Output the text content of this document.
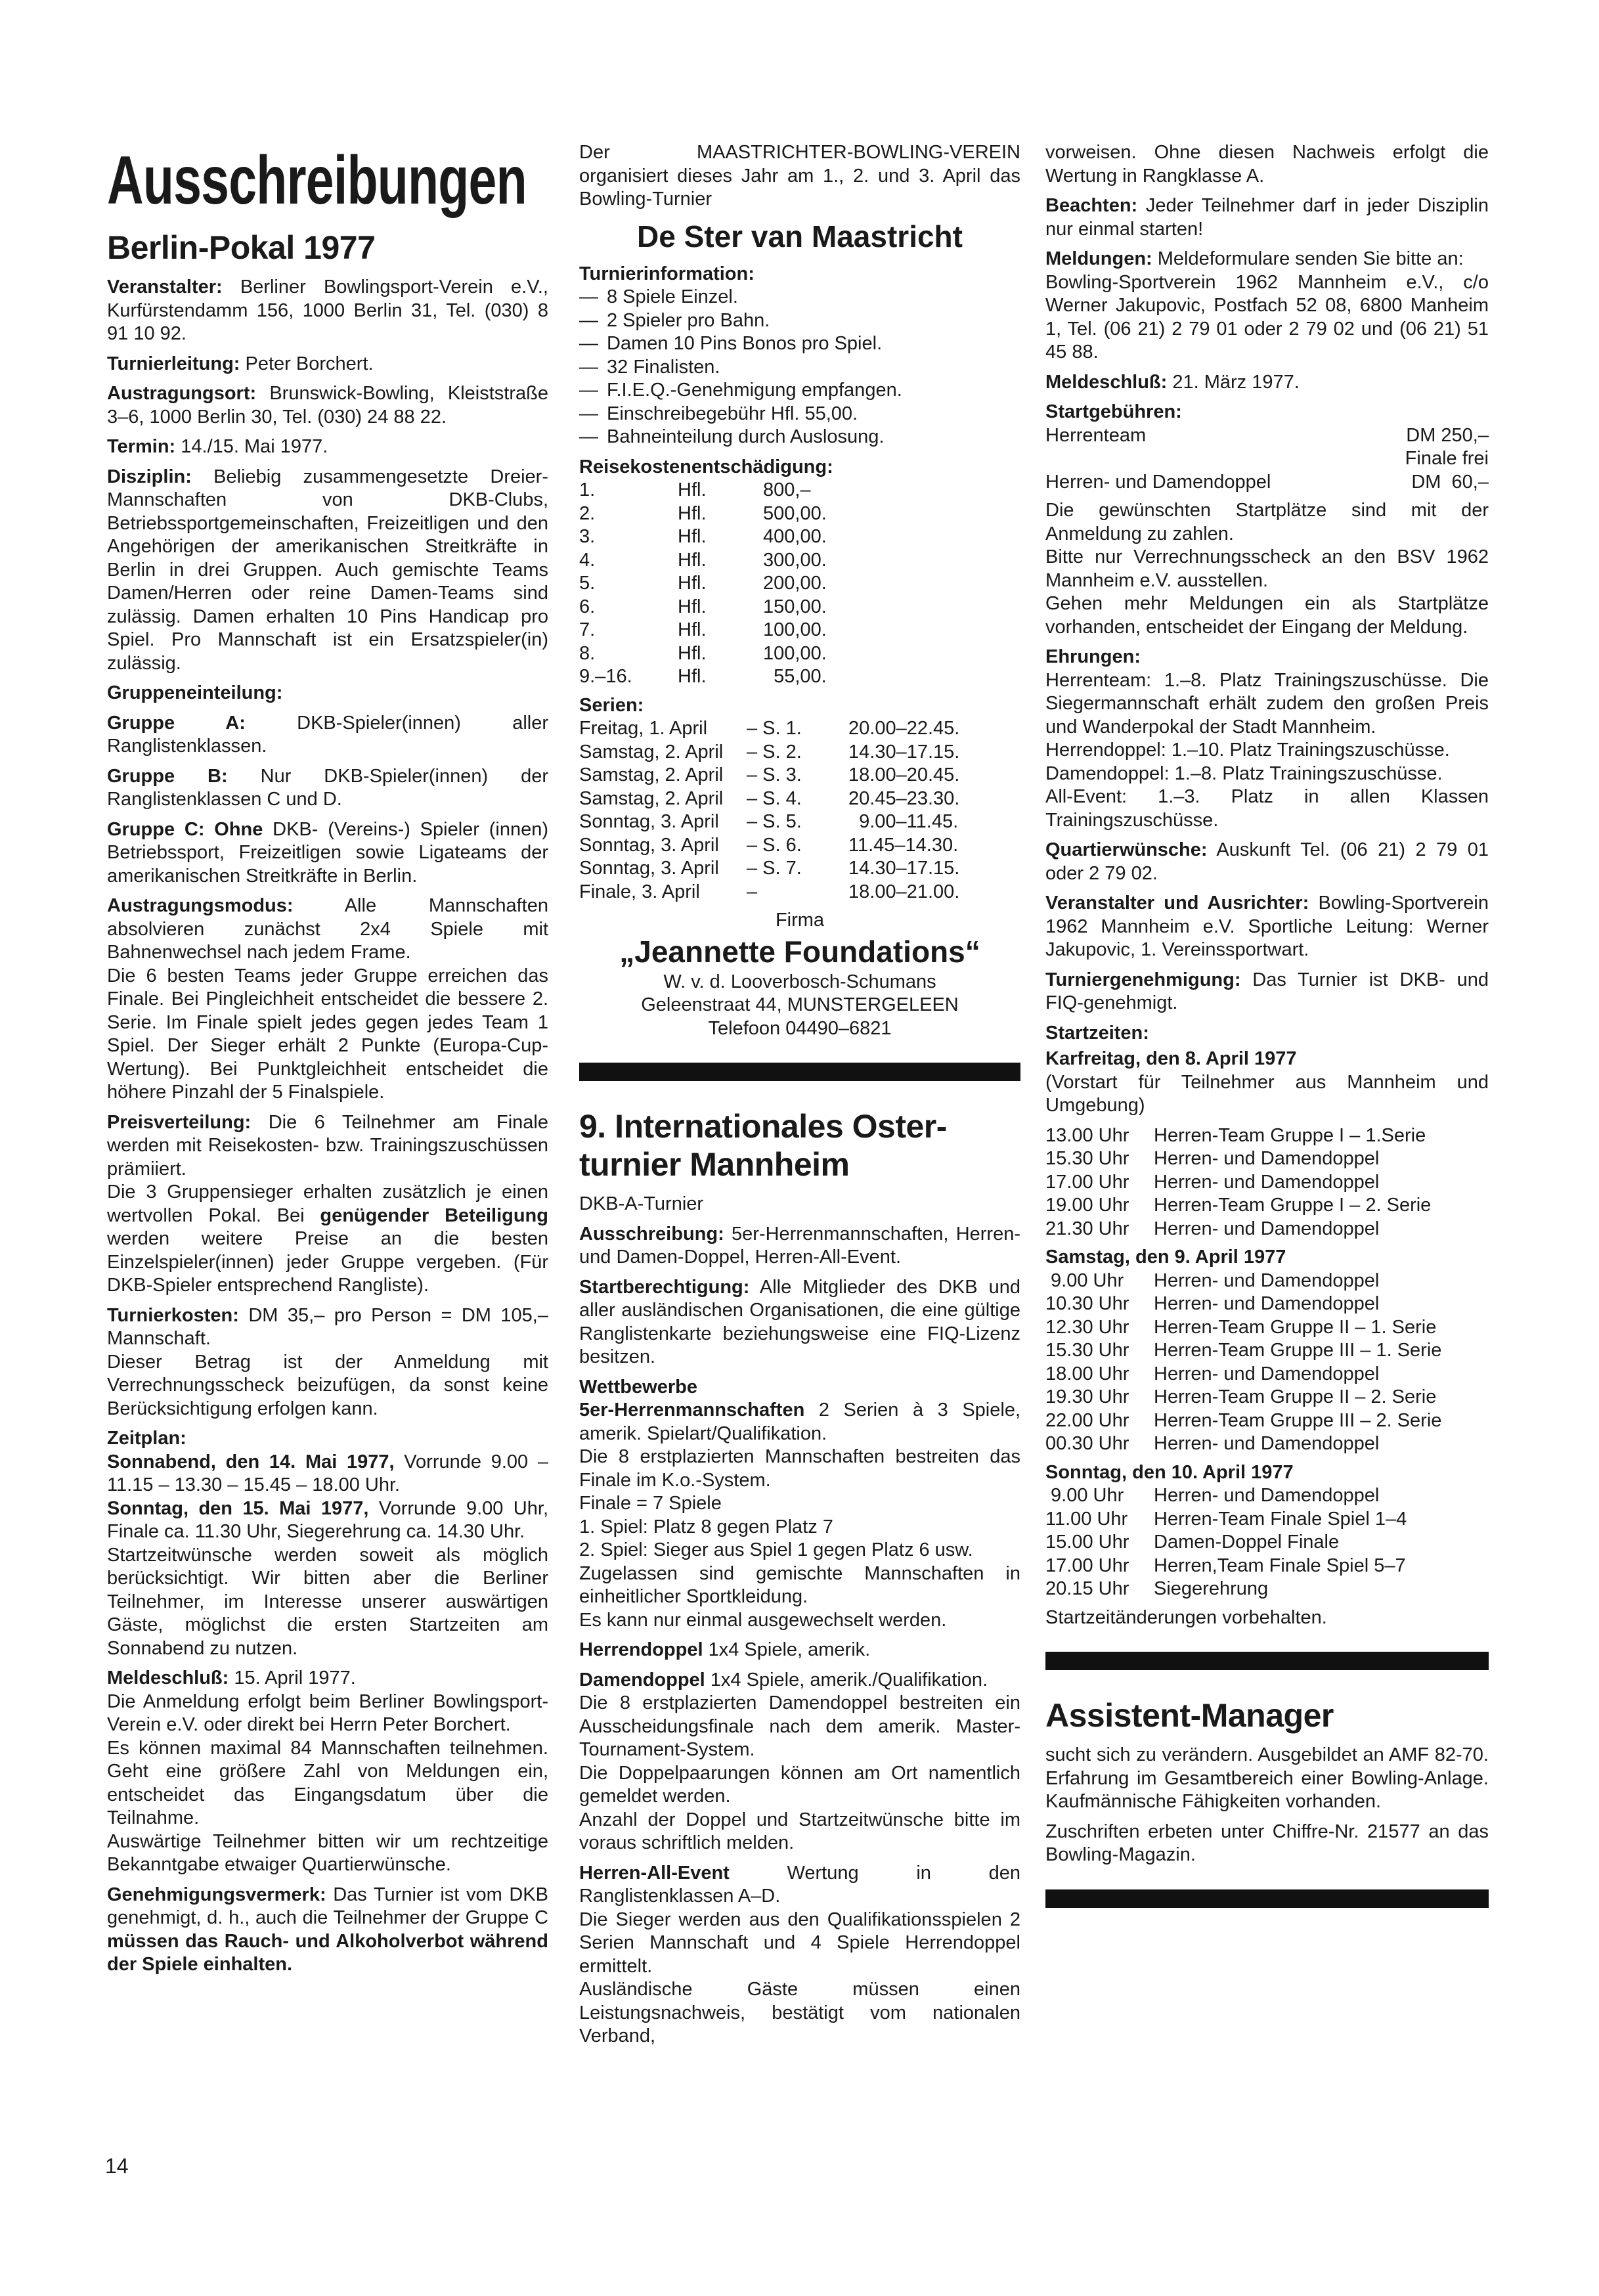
Ausschreibungen
Berlin-Pokal 1977
Veranstalter: Berliner Bowlingsport-Verein e.V., Kurfürstendamm 156, 1000 Berlin 31, Tel. (030) 8 91 10 92.
Turnierleitung: Peter Borchert.
Austragungsort: Brunswick-Bowling, Kleiststraße 3–6, 1000 Berlin 30, Tel. (030) 24 88 22.
Termin: 14./15. Mai 1977.
Disziplin: Beliebig zusammengesetzte Dreier-Mannschaften von DKB-Clubs, Betriebssportgemeinschaften, Freizeitligen und den Angehörigen der amerikanischen Streitkräfte in Berlin in drei Gruppen. Auch gemischte Teams Damen/Herren oder reine Damen-Teams sind zulässig. Damen erhalten 10 Pins Handicap pro Spiel. Pro Mannschaft ist ein Ersatzspieler(in) zulässig.
Gruppeneinteilung:
Gruppe A: DKB-Spieler(innen) aller Ranglistenklassen.
Gruppe B: Nur DKB-Spieler(innen) der Ranglistenklassen C und D.
Gruppe C: Ohne DKB- (Vereins-) Spieler (innen) Betriebssport, Freizeitligen sowie Ligateams der amerikanischen Streitkräfte in Berlin.
Austragungsmodus: Alle Mannschaften absolvieren zunächst 2x4 Spiele mit Bahnenwechsel nach jedem Frame.
Die 6 besten Teams jeder Gruppe erreichen das Finale. Bei Pingleichheit entscheidet die bessere 2. Serie. Im Finale spielt jedes gegen jedes Team 1 Spiel. Der Sieger erhält 2 Punkte (Europa-Cup-Wertung). Bei Punktgleichheit entscheidet die höhere Pinzahl der 5 Finalspiele.
Preisverteilung: Die 6 Teilnehmer am Finale werden mit Reisekosten- bzw. Trainingszuschüssen prämiiert.
Die 3 Gruppensieger erhalten zusätzlich je einen wertvollen Pokal. Bei genügender Beteiligung werden weitere Preise an die besten Einzelspieler(innen) jeder Gruppe vergeben. (Für DKB-Spieler entsprechend Rangliste).
Turnierkosten: DM 35,– pro Person = DM 105,– Mannschaft.
Dieser Betrag ist der Anmeldung mit Verrechnungsscheck beizufügen, da sonst keine Berücksichtigung erfolgen kann.
Zeitplan:
Sonnabend, den 14. Mai 1977, Vorrunde 9.00 – 11.15 – 13.30 – 15.45 – 18.00 Uhr.
Sonntag, den 15. Mai 1977, Vorrunde 9.00 Uhr, Finale ca. 11.30 Uhr, Siegerehrung ca. 14.30 Uhr.
Startzeitwünsche werden soweit als möglich berücksichtigt. Wir bitten aber die Berliner Teilnehmer, im Interesse unserer auswärtigen Gäste, möglichst die ersten Startzeiten am Sonnabend zu nutzen.
Meldeschluß: 15. April 1977.
Die Anmeldung erfolgt beim Berliner Bowlingsport-Verein e.V. oder direkt bei Herrn Peter Borchert.
Es können maximal 84 Mannschaften teilnehmen. Geht eine größere Zahl von Meldungen ein, entscheidet das Eingangsdatum über die Teilnahme.
Auswärtige Teilnehmer bitten wir um rechtzeitige Bekanntgabe etwaiger Quartierwünsche.
Genehmigungsvermerk: Das Turnier ist vom DKB genehmigt, d. h., auch die Teilnehmer der Gruppe C müssen das Rauch- und Alkoholverbot während der Spiele einhalten.
Der MAASTRICHTER-BOWLING-VEREIN organisiert dieses Jahr am 1., 2. und 3. April das Bowling-Turnier
De Ster van Maastricht
Turnierinformation:
— 8 Spiele Einzel.
— 2 Spieler pro Bahn.
— Damen 10 Pins Bonos pro Spiel.
— 32 Finalisten.
— F.I.E.Q.-Genehmigung empfangen.
— Einschreibegebühr Hfl. 55,00.
— Bahneinteilung durch Auslosung.
Reisekostenentschädigung:
1.	Hfl.	800,–
2.	Hfl.	500,00.
3.	Hfl.	400,00.
4.	Hfl.	300,00.
5.	Hfl.	200,00.
6.	Hfl.	150,00.
7.	Hfl.	100,00.
8.	Hfl.	100,00.
9.–16.	Hfl.	55,00.
Serien:
Freitag, 1. April	– S. 1.	20.00–22.45.
Samstag, 2. April	– S. 2.	14.30–17.15.
Samstag, 2. April	– S. 3.	18.00–20.45.
Samstag, 2. April	– S. 4.	20.45–23.30.
Sonntag, 3. April	– S. 5.	9.00–11.45.
Sonntag, 3. April	– S. 6.	11.45–14.30.
Sonntag, 3. April	– S. 7.	14.30–17.15.
Finale, 3. April	–	18.00–21.00.
Firma
„Jeannette Foundations“
W. v. d. Looverbosch-Schumans
Geleenstraat 44, MUNSTERGELEEN
Telefoon 04490–6821
9. Internationales Oster-
turnier Mannheim
DKB-A-Turnier
Ausschreibung: 5er-Herrenmannschaften, Herren- und Damen-Doppel, Herren-All-Event.
Startberechtigung: Alle Mitglieder des DKB und aller ausländischen Organisationen, die eine gültige Ranglistenkarte beziehungsweise eine FIQ-Lizenz besitzen.
Wettbewerbe
5er-Herrenmannschaften 2 Serien à 3 Spiele, amerik. Spielart/Qualifikation.
Die 8 erstplazierten Mannschaften bestreiten das Finale im K.o.-System.
Finale = 7 Spiele
1. Spiel: Platz 8 gegen Platz 7
2. Spiel: Sieger aus Spiel 1 gegen Platz 6 usw.
Zugelassen sind gemischte Mannschaften in einheitlicher Sportkleidung.
Es kann nur einmal ausgewechselt werden.
Herrendoppel 1x4 Spiele, amerik.
Damendoppel 1x4 Spiele, amerik./Qualifikation.
Die 8 erstplazierten Damendoppel bestreiten ein Ausscheidungsfinale nach dem amerik. Master-Tournament-System.
Die Doppelpaarungen können am Ort namentlich gemeldet werden.
Anzahl der Doppel und Startzeitwünsche bitte im voraus schriftlich melden.
Herren-All-Event Wertung in den Ranglistenklassen A–D.
Die Sieger werden aus den Qualifikationsspielen 2 Serien Mannschaft und 4 Spiele Herrendoppel ermittelt.
Ausländische Gäste müssen einen Leistungsnachweis, bestätigt vom nationalen Verband,
vorweisen. Ohne diesen Nachweis erfolgt die Wertung in Rangklasse A.
Beachten: Jeder Teilnehmer darf in jeder Disziplin nur einmal starten!
Meldungen: Meldeformulare senden Sie bitte an:
Bowling-Sportverein 1962 Mannheim e.V., c/o Werner Jakupovic, Postfach 52 08, 6800 Manheim 1, Tel. (06 21) 2 79 01 oder 2 79 02 und (06 21) 51 45 88.
Meldeschluß: 21. März 1977.
Startgebühren:
Herrenteam	DM 250,–
Finale frei
Herren- und Damendoppel	DM  60,–
Die gewünschten Startplätze sind mit der Anmeldung zu zahlen.
Bitte nur Verrechnungsscheck an den BSV 1962 Mannheim e.V. ausstellen.
Gehen mehr Meldungen ein als Startplätze vorhanden, entscheidet der Eingang der Meldung.
Ehrungen:
Herrenteam: 1.–8. Platz Trainingszuschüsse. Die Siegermannschaft erhält zudem den großen Preis und Wanderpokal der Stadt Mannheim.
Herrendoppel: 1.–10. Platz Trainingszuschüsse.
Damendoppel: 1.–8. Platz Trainingszuschüsse.
All-Event: 1.–3. Platz in allen Klassen Trainingszuschüsse.
Quartierwünsche: Auskunft Tel. (06 21) 2 79 01 oder 2 79 02.
Veranstalter und Ausrichter: Bowling-Sportverein 1962 Mannheim e.V. Sportliche Leitung: Werner Jakupovic, 1. Vereinssportwart.
Turniergenehmigung: Das Turnier ist DKB- und FIQ-genehmigt.
Startzeiten:
Karfreitag, den 8. April 1977
(Vorstart für Teilnehmer aus Mannheim und Umgebung)
13.00 Uhr	Herren-Team Gruppe I – 1.Serie
15.30 Uhr	Herren- und Damendoppel
17.00 Uhr	Herren- und Damendoppel
19.00 Uhr	Herren-Team Gruppe I – 2. Serie
21.30 Uhr	Herren- und Damendoppel
Samstag, den 9. April 1977
9.00 Uhr	Herren- und Damendoppel
10.30 Uhr	Herren- und Damendoppel
12.30 Uhr	Herren-Team Gruppe II – 1. Serie
15.30 Uhr	Herren-Team Gruppe III – 1. Serie
18.00 Uhr	Herren- und Damendoppel
19.30 Uhr	Herren-Team Gruppe II – 2. Serie
22.00 Uhr	Herren-Team Gruppe III – 2. Serie
00.30 Uhr	Herren- und Damendoppel
Sonntag, den 10. April 1977
9.00 Uhr	Herren- und Damendoppel
11.00 Uhr	Herren-Team Finale Spiel 1–4
15.00 Uhr	Damen-Doppel Finale
17.00 Uhr	Herren,Team Finale Spiel 5–7
20.15 Uhr	Siegerehrung
Startzeitänderungen vorbehalten.
Assistent-Manager
sucht sich zu verändern. Ausgebildet an AMF 82-70. Erfahrung im Gesamtbereich einer Bowling-Anlage. Kaufmännische Fähigkeiten vorhanden.
Zuschriften erbeten unter Chiffre-Nr. 21577 an das Bowling-Magazin.
14
